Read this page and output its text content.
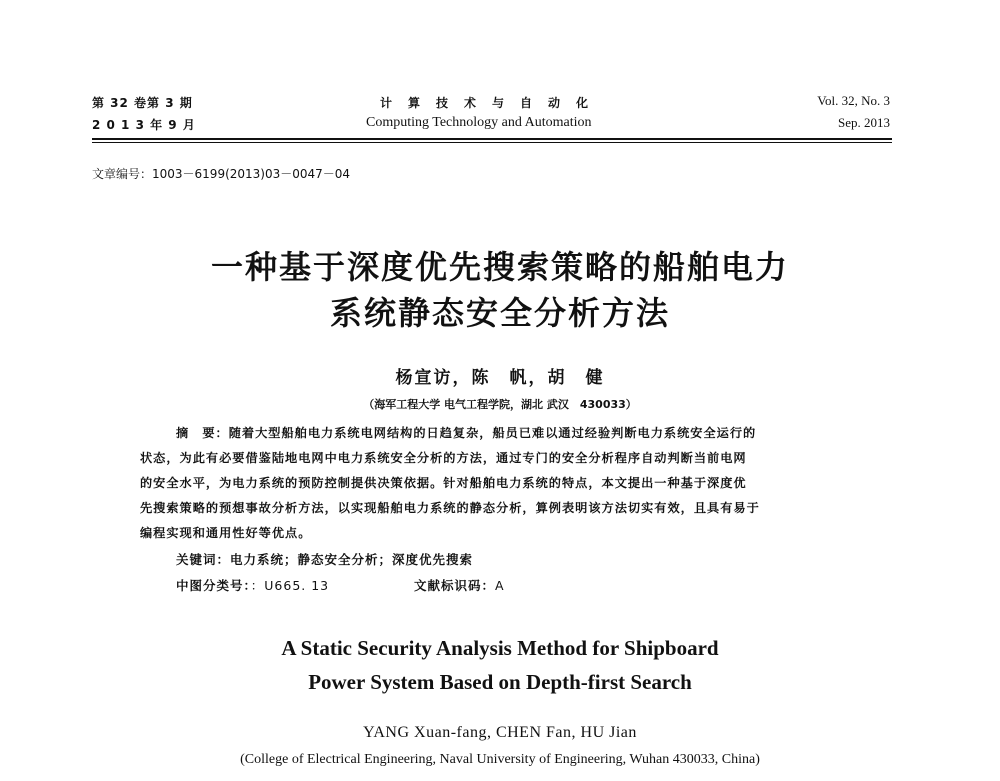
第 32 卷第 3 期
2 0 1 3 年 9 月
计　算　技　术　与　自　动　化
Computing Technology and Automation
Vol. 32, No. 3
Sep. 2013
文章编号：1003－6199(2013)03－0047－04
一种基于深度优先搜索策略的船舶电力
系统静态安全分析方法
杨宣访，陈　帆，胡　健
（海军工程大学 电气工程学院，湖北 武汉　430033）
摘　要：随着大型船舶电力系统电网结构的日趋复杂，船员已难以通过经验判断电力系统安全运行的
状态，为此有必要借鉴陆地电网中电力系统安全分析的方法，通过专门的安全分析程序自动判断当前电网
的安全水平，为电力系统的预防控制提供决策依据。针对船舶电力系统的特点，本文提出一种基于深度优
先搜索策略的预想事故分析方法，以实现船舶电力系统的静态分析，算例表明该方法切实有效，且具有易于
编程实现和通用性好等优点。
关键词：电力系统；静态安全分析；深度优先搜索
中图分类号：：U665. 13	文献标识码：A
A Static Security Analysis Method for Shipboard
Power System Based on Depth-first Search
YANG Xuan-fang, CHEN Fan, HU Jian
(College of Electrical Engineering, Naval University of Engineering, Wuhan 430033, China)
